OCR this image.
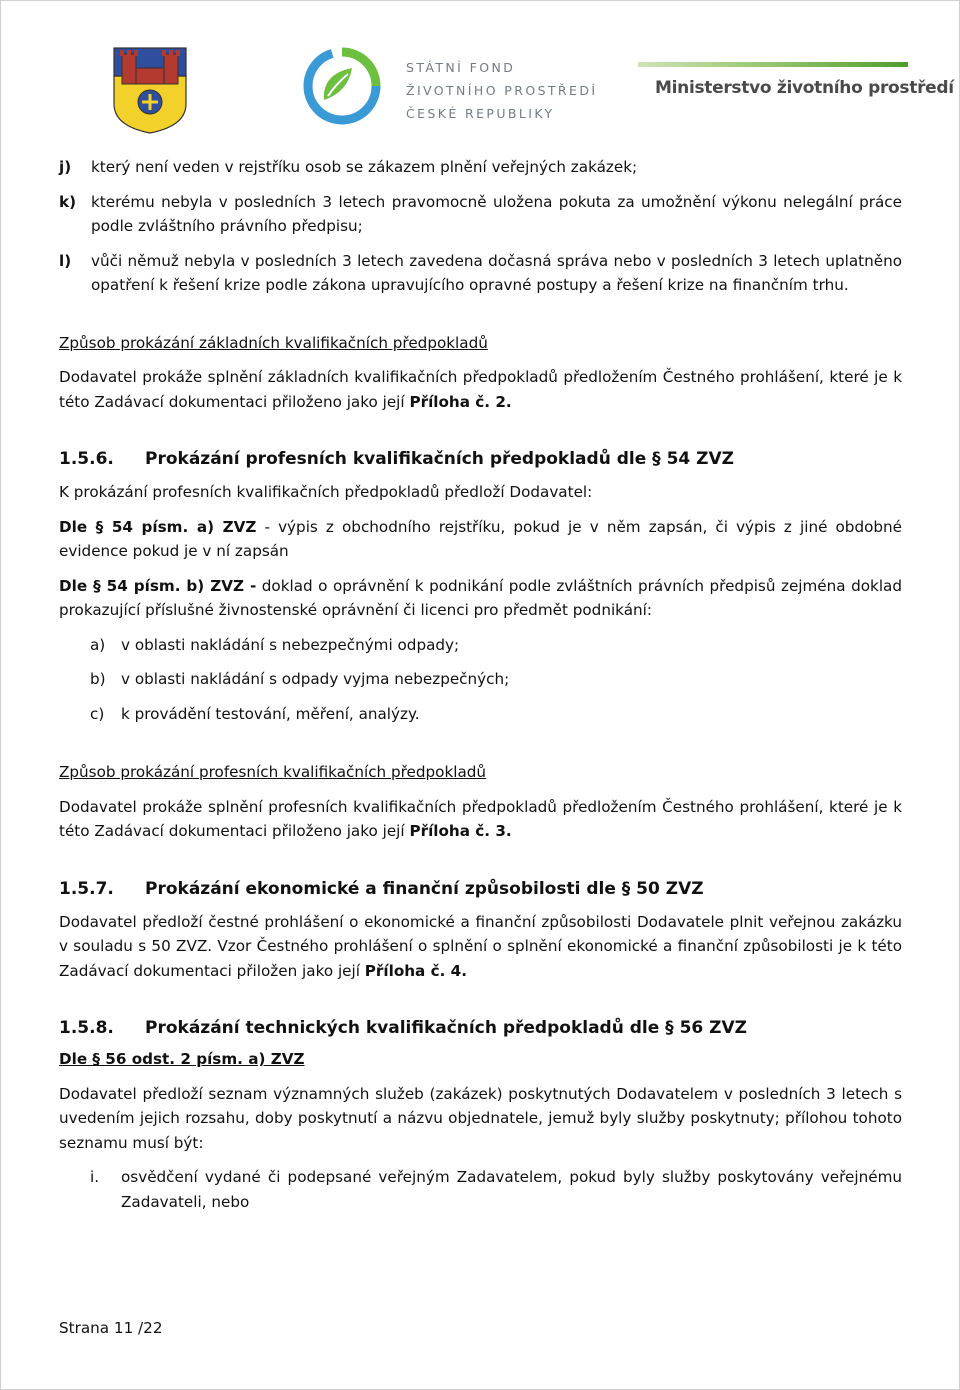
STÁTNÍ FOND
ŽIVOTNÍHO PROSTŘEDÍ
ČESKÉ REPUBLIKY
Ministerstvo životního prostředí

j) který není veden v rejstříku osob se zákazem plnění veřejných zakázek;

k) kterému nebyla v posledních 3 letech pravomocně uložena pokuta za umožnění výkonu nelegální práce podle zvláštního právního předpisu;

l) vůči němuž nebyla v posledních 3 letech zavedena dočasná správa nebo v posledních 3 letech uplatněno opatření k řešení krize podle zákona upravujícího opravné postupy a řešení krize na finančním trhu.

Způsob prokázání základních kvalifikačních předpokladů

Dodavatel prokáže splnění základních kvalifikačních předpokladů předložením Čestného prohlášení, které je k této Zadávací dokumentaci přiloženo jako její Příloha č. 2.

1.5.6. Prokázání profesních kvalifikačních předpokladů dle § 54 ZVZ

K prokázání profesních kvalifikačních předpokladů předloží Dodavatel:

Dle § 54 písm. a) ZVZ - výpis z obchodního rejstříku, pokud je v něm zapsán, či výpis z jiné obdobné evidence pokud je v ní zapsán

Dle § 54 písm. b) ZVZ - doklad o oprávnění k podnikání podle zvláštních právních předpisů zejména doklad prokazující příslušné živnostenské oprávnění či licenci pro předmět podnikání:

a) v oblasti nakládání s nebezpečnými odpady;

b) v oblasti nakládání s odpady vyjma nebezpečných;

c) k provádění testování, měření, analýzy.

Způsob prokázání profesních kvalifikačních předpokladů

Dodavatel prokáže splnění profesních kvalifikačních předpokladů předložením Čestného prohlášení, které je k této Zadávací dokumentaci přiloženo jako její Příloha č. 3.

1.5.7. Prokázání ekonomické a finanční způsobilosti dle § 50 ZVZ

Dodavatel předloží čestné prohlášení o ekonomické a finanční způsobilosti Dodavatele plnit veřejnou zakázku v souladu s 50 ZVZ. Vzor Čestného prohlášení o splnění o splnění ekonomické a finanční způsobilosti je k této Zadávací dokumentaci přiložen jako její Příloha č. 4.

1.5.8. Prokázání technických kvalifikačních předpokladů dle § 56 ZVZ

Dle § 56 odst. 2 písm. a) ZVZ

Dodavatel předloží seznam významných služeb (zakázek) poskytnutých Dodavatelem v posledních 3 letech s uvedením jejich rozsahu, doby poskytnutí a názvu objednatele, jemuž byly služby poskytnuty; přílohou tohoto seznamu musí být:

i. osvědčení vydané či podepsané veřejným Zadavatelem, pokud byly služby poskytovány veřejnému Zadavateli, nebo

Strana 11 /22
